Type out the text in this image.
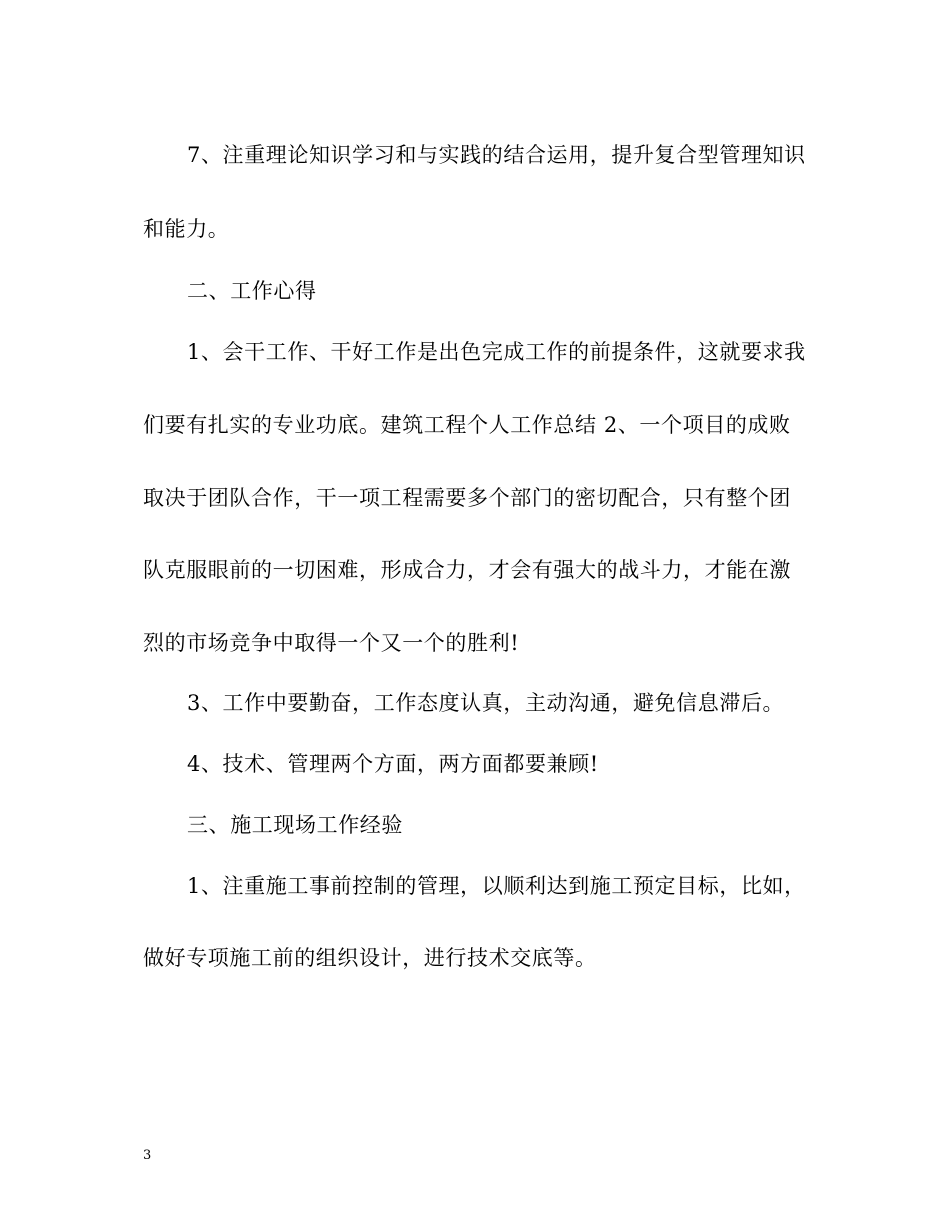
7、注重理论知识学习和与实践的结合运用，提升复合型管理知识
和能力。
二、工作心得
1、会干工作、干好工作是出色完成工作的前提条件，这就要求我
们要有扎实的专业功底。建筑工程个人工作总结 2、一个项目的成败
取决于团队合作，干一项工程需要多个部门的密切配合，只有整个团
队克服眼前的一切困难，形成合力，才会有强大的战斗力，才能在激
烈的市场竞争中取得一个又一个的胜利!
3、工作中要勤奋，工作态度认真，主动沟通，避免信息滞后。
4、技术、管理两个方面，两方面都要兼顾!
三、施工现场工作经验
1、注重施工事前控制的管理，以顺利达到施工预定目标，比如，
做好专项施工前的组织设计，进行技术交底等。
3
